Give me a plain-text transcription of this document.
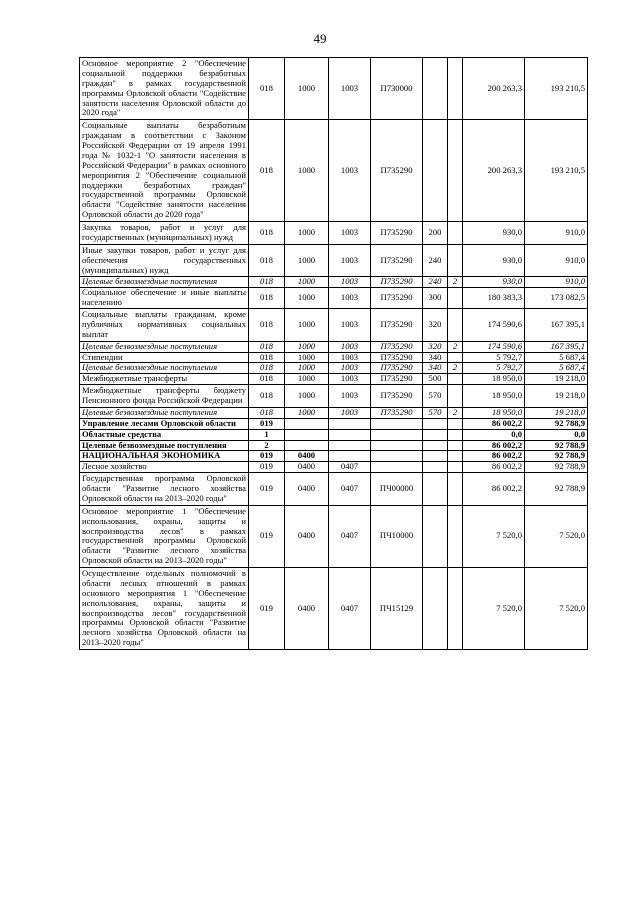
49
Основное мероприятие 2 "Обеспечение социальной поддержки безработных граждан" в рамках государственной программы Орловской области "Содействие занятости населения Орловской области до 2020 года"	018	1000	1003	П730000			200 263,3	193 210,5
Социальные выплаты безработным гражданам в соответствии с Законом Российской Федерации от 19 апреля 1991 года № 1032-1 "О занятости населения в Российской Федерации" в рамках основного мероприятия 2 "Обеспечение социальной поддержки безработных граждан" государственной программы Орловской области "Содействие занятости населения Орловской области до 2020 года"	018	1000	1003	П735290			200 263,3	193 210,5
Закупка товаров, работ и услуг для государственных (муниципальных) нужд	018	1000	1003	П735290	200		930,0	910,0
Иные закупки товаров, работ и услуг для обеспечения государственных (муниципальных) нужд	018	1000	1003	П735290	240		930,0	910,0
Целевые безвозмездные поступления	018	1000	1003	П735290	240	2	930,0	910,0
Социальное обеспечение и иные выплаты населению	018	1000	1003	П735290	300		180 383,3	173 082,5
Социальные выплаты гражданам, кроме публичных нормативных социальных выплат	018	1000	1003	П735290	320		174 590,6	167 395,1
Целевые безвозмездные поступления	018	1000	1003	П735290	320	2	174 590,6	167 395,1
Стипендии	018	1000	1003	П735290	340		5 792,7	5 687,4
Целевые безвозмездные поступления	018	1000	1003	П735290	340	2	5 792,7	5 687,4
Межбюджетные трансферты	018	1000	1003	П735290	500		18 950,0	19 218,0
Межбюджетные трансферты бюджету Пенсионного фонда Российской Федерации	018	1000	1003	П735290	570		18 950,0	19 218,0
Целевые безвозмездные поступления	018	1000	1003	П735290	570	2	18 950,0	19 218,0
Управление лесами Орловской области	019						86 002,2	92 788,9
Областные средства	1						0,0	0,0
Целевые безвозмездные поступления	2						86 002,2	92 788,9
НАЦИОНАЛЬНАЯ ЭКОНОМИКА	019	0400					86 002,2	92 788,9
Лесное хозяйство	019	0400	0407				86 002,2	92 788,9
Государственная программа Орловской области "Развитие лесного хозяйства Орловской области на 2013–2020 годы"	019	0400	0407	ПЧ00000			86 002,2	92 788,9
Основное мероприятие 1 "Обеспечение использования, охраны, защиты и воспроизводства лесов" в рамках государственной программы Орловской области "Развитие лесного хозяйства Орловской области на 2013–2020 годы"	019	0400	0407	ПЧ10000			7 520,0	7 520,0
Осуществление отдельных полномочий в области лесных отношений в рамках основного мероприятия 1 "Обеспечение использования, охраны, защиты и воспроизводства лесов" государственной программы Орловской области "Развитие лесного хозяйства Орловской области на 2013–2020 годы"	019	0400	0407	ПЧ15129			7 520,0	7 520,0
